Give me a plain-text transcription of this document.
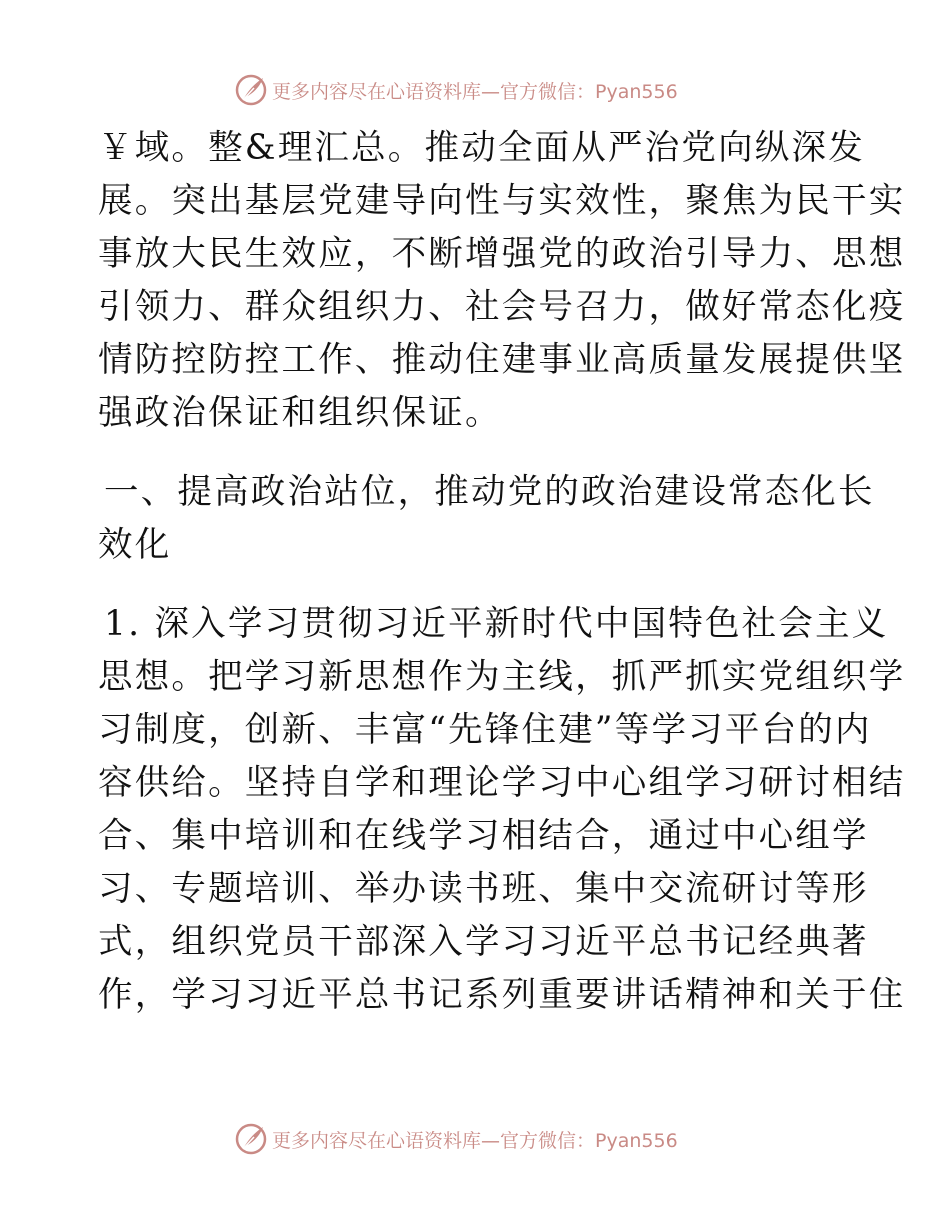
更多内容尽在心语资料库—官方微信：Pyan556
￥域。整&理汇总。推动全面从严治党向纵深发
展。突出基层党建导向性与实效性，聚焦为民干实
事放大民生效应，不断增强党的政治引导力、思想
引领力、群众组织力、社会号召力，做好常态化疫
情防控防控工作、推动住建事业高质量发展提供坚
强政治保证和组织保证。
一、提高政治站位，推动党的政治建设常态化长
效化
1. 深入学习贯彻习近平新时代中国特色社会主义
思想。把学习新思想作为主线，抓严抓实党组织学
习制度，创新、丰富“先锋住建”等学习平台的内
容供给。坚持自学和理论学习中心组学习研讨相结
合、集中培训和在线学习相结合，通过中心组学
习、专题培训、举办读书班、集中交流研讨等形
式，组织党员干部深入学习习近平总书记经典著
作，学习习近平总书记系列重要讲话精神和关于住
更多内容尽在心语资料库—官方微信：Pyan556
